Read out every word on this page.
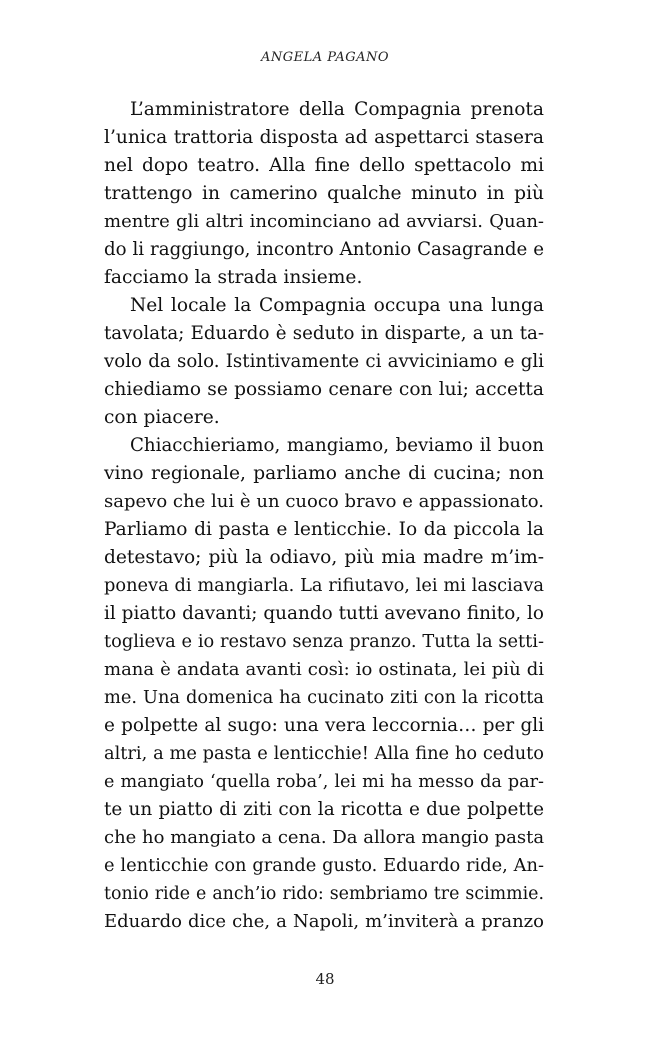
ANGELA PAGANO
L’amministratore della Compagnia prenota
l’unica trattoria disposta ad aspettarci stasera
nel dopo teatro. Alla fine dello spettacolo mi
trattengo in camerino qualche minuto in più
mentre gli altri incominciano ad avviarsi. Quan-
do li raggiungo, incontro Antonio Casagrande e
facciamo la strada insieme.
Nel locale la Compagnia occupa una lunga
tavolata; Eduardo è seduto in disparte, a un ta-
volo da solo. Istintivamente ci avviciniamo e gli
chiediamo se possiamo cenare con lui; accetta
con piacere.
Chiacchieriamo, mangiamo, beviamo il buon
vino regionale, parliamo anche di cucina; non
sapevo che lui è un cuoco bravo e appassionato.
Parliamo di pasta e lenticchie. Io da piccola la
detestavo; più la odiavo, più mia madre m’im-
poneva di mangiarla. La rifiutavo, lei mi lasciava
il piatto davanti; quando tutti avevano finito, lo
toglieva e io restavo senza pranzo. Tutta la setti-
mana è andata avanti così: io ostinata, lei più di
me. Una domenica ha cucinato ziti con la ricotta
e polpette al sugo: una vera leccornia… per gli
altri, a me pasta e lenticchie! Alla fine ho ceduto
e mangiato ‘quella roba’, lei mi ha messo da par-
te un piatto di ziti con la ricotta e due polpette
che ho mangiato a cena. Da allora mangio pasta
e lenticchie con grande gusto. Eduardo ride, An-
tonio ride e anch’io rido: sembriamo tre scimmie.
Eduardo dice che, a Napoli, m’inviterà a pranzo
48
